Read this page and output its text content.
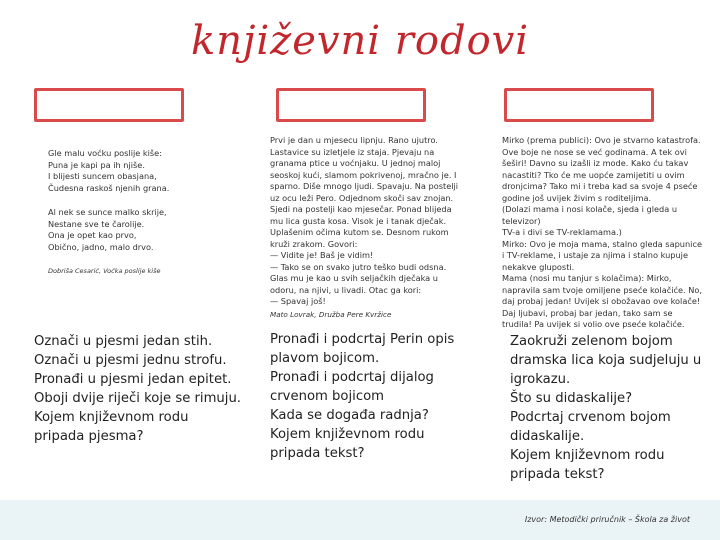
književni rodovi
Gle malu voćku poslije kiše:
Puna je kapi pa ih njiše.
I blijesti suncem obasjana,
Čudesna raskoš njenih grana.
Al nek se sunce malko skrije,
Nestane sve te čarolije.
Ona je opet kao prvo,
Obično, jadno, malo drvo.
Dobriša Cesarić, Voćka poslije kiše
Prvi je dan u mjesecu lipnju. Rano ujutro. Lastavice su izletjele iz staja. Pjevaju na granama ptice u voćnjaku. U jednoj maloj seoskoj kući, slamom pokrivenoj, mračno je. I sparno. Diše mnogo ljudi. Spavaju. Na postelji uz ocu leži Pero. Odjednom skoči sav znojan. Sjedi na postelji kao mjesečar. Ponad blijeda mu lica gusta kosa. Visok je i tanak dječak. Uplašenim očima kutom se. Desnom rukom kruži zrakom. Govori:
— Vidite je! Baš je vidim!
— Tako se on svako jutro teško budi odsna.
Glas mu je kao u svih seljačkih dječaka u odoru, na njivi, u livadi. Otac ga kori:
— Spavaj još!
Mato Lovrak, Družba Pere Kvržice
Mirko (prema publici): Ovo je stvarno katastrofa. Ove boje ne nose se već godinama. A tek ovi šeširi! Davno su izašli iz mode. Kako ću takav nacastiti? Tko će me uopće zamijetiti u ovim dronjcima? Tako mi i treba kad sa svoje 4 pseće godine još uvijek živim s roditeljima.
(Dolazi mama i nosi kolače, sjeda i gleda u televizor)
TV-a i divi se TV-reklamama.)
Mirko: Ovo je moja mama, stalno gleda sapunice i TV-reklame, i ustaje za njima i stalno kupuje nekakve gluposti.
Mama (nosi mu tanjur s kolačima): Mirko, napravila sam tvoje omiljene pseće kolačiće. No, daj probaj jedan! Uvijek si obožavao ove kolače! Daj ljubavi, probaj bar jedan, tako sam se trudila! Pa uvijek si volio ove pseće kolačiće.
Označi u pjesmi jedan stih.
Označi u pjesmi jednu strofu.
Pronađi u pjesmi jedan epitet.
Oboji dvije riječi koje se rimuju.
Kojem književnom rodu
pripada pjesma?
Pronađi i podcrtaj Perin opis
plavom bojicom.
Pronađi i podcrtaj dijalog
crvenom bojicom
Kada se događa radnja?
Kojem književnom rodu
pripada tekst?
Zaokruži zelenom bojom
dramska lica koja sudjeluju u
igrokazu.
Što su didaskalije?
Podcrtaj crvenom bojom
didaskalije.
Kojem književnom rodu
pripada tekst?
Izvor: Metodički priručnik – Škola za život
